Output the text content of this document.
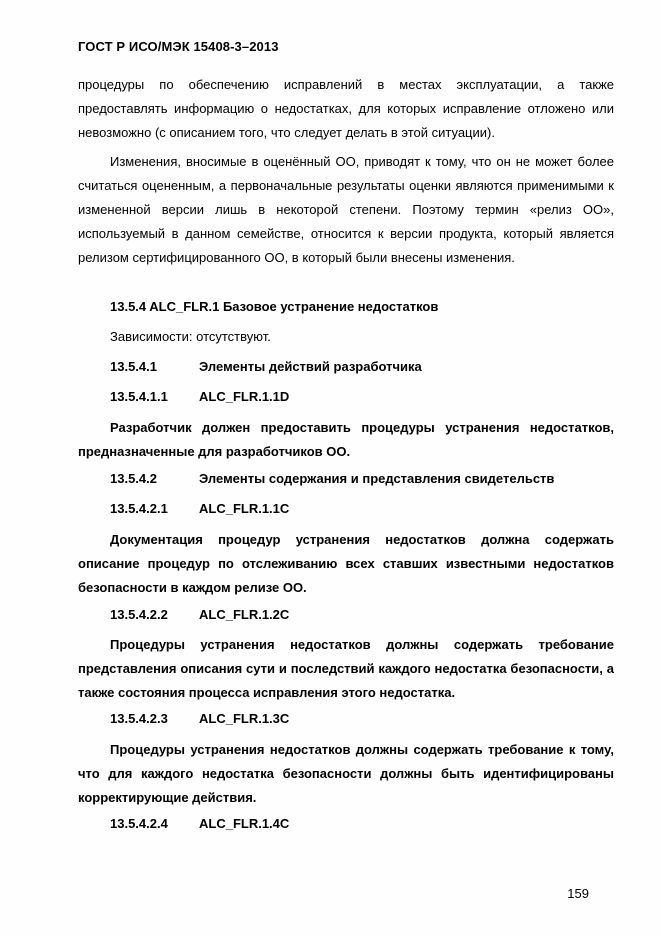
ГОСТ Р ИСО/МЭК 15408-3–2013
процедуры по обеспечению исправлений в местах эксплуатации, а также предоставлять информацию о недостатках, для которых исправление отложено или невозможно (с описанием того, что следует делать в этой ситуации).
Изменения, вносимые в оценённый ОО, приводят к тому, что он не может более считаться оцененным, а первоначальные результаты оценки являются применимыми к измененной версии лишь в некоторой степени. Поэтому термин «релиз ОО», используемый в данном семействе, относится к версии продукта, который является релизом сертифицированного ОО, в который были внесены изменения.
13.5.4 ALC_FLR.1 Базовое устранение недостатков
Зависимости: отсутствуют.
13.5.4.1	Элементы действий разработчика
13.5.4.1.1 ALC_FLR.1.1D
Разработчик должен предоставить процедуры устранения недостатков, предназначенные для разработчиков ОО.
13.5.4.2	Элементы содержания и представления свидетельств
13.5.4.2.1 ALC_FLR.1.1C
Документация процедур устранения недостатков должна содержать описание процедур по отслеживанию всех ставших известными недостатков безопасности в каждом релизе ОО.
13.5.4.2.2 ALC_FLR.1.2C
Процедуры устранения недостатков должны содержать требование представления описания сути и последствий каждого недостатка безопасности, а также состояния процесса исправления этого недостатка.
13.5.4.2.3 ALC_FLR.1.3C
Процедуры устранения недостатков должны содержать требование к тому, что для каждого недостатка безопасности должны быть идентифицированы корректирующие действия.
13.5.4.2.4 ALC_FLR.1.4C
159
